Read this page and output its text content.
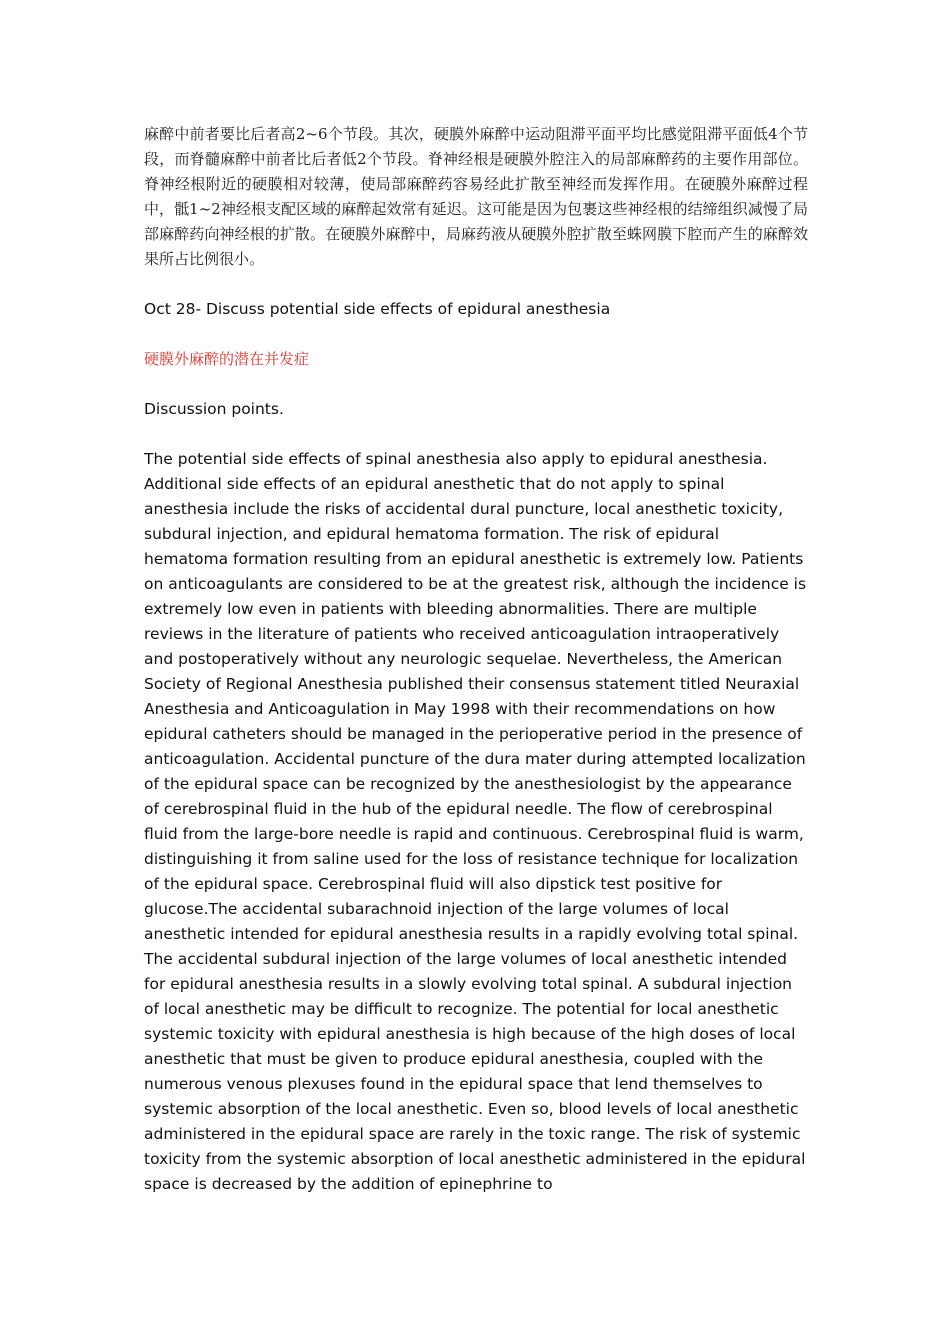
麻醉中前者要比后者高2~6个节段。其次，硬膜外麻醉中运动阻滞平面平均比感觉阻滞平面低4个节段，而脊髓麻醉中前者比后者低2个节段。脊神经根是硬膜外腔注入的局部麻醉药的主要作用部位。脊神经根附近的硬膜相对较薄，使局部麻醉药容易经此扩散至神经而发挥作用。在硬膜外麻醉过程中，骶1~2神经根支配区域的麻醉起效常有延迟。这可能是因为包裹这些神经根的结缔组织减慢了局部麻醉药向神经根的扩散。在硬膜外麻醉中，局麻药液从硬膜外腔扩散至蛛网膜下腔而产生的麻醉效果所占比例很小。

Oct 28- Discuss potential side effects of epidural anesthesia

硬膜外麻醉的潜在并发症

Discussion points.

The potential side effects of spinal anesthesia also apply to epidural anesthesia. Additional side effects of an epidural anesthetic that do not apply to spinal anesthesia include the risks of accidental dural puncture, local anesthetic toxicity, subdural injection, and epidural hematoma formation. The risk of epidural hematoma formation resulting from an epidural anesthetic is extremely low. Patients on anticoagulants are considered to be at the greatest risk, although the incidence is extremely low even in patients with bleeding abnormalities. There are multiple reviews in the literature of patients who received anticoagulation intraoperatively and postoperatively without any neurologic sequelae. Nevertheless, the American Society of Regional Anesthesia published their consensus statement titled Neuraxial Anesthesia and Anticoagulation in May 1998 with their recommendations on how epidural catheters should be managed in the perioperative period in the presence of anticoagulation. Accidental puncture of the dura mater during attempted localization of the epidural space can be recognized by the anesthesiologist by the appearance of cerebrospinal fluid in the hub of the epidural needle. The flow of cerebrospinal fluid from the large-bore needle is rapid and continuous. Cerebrospinal fluid is warm, distinguishing it from saline used for the loss of resistance technique for localization of the epidural space. Cerebrospinal fluid will also dipstick test positive for glucose.The accidental subarachnoid injection of the large volumes of local anesthetic intended for epidural anesthesia results in a rapidly evolving total spinal. The accidental subdural injection of the large volumes of local anesthetic intended for epidural anesthesia results in a slowly evolving total spinal. A subdural injection of local anesthetic may be difficult to recognize. The potential for local anesthetic systemic toxicity with epidural anesthesia is high because of the high doses of local anesthetic that must be given to produce epidural anesthesia, coupled with the numerous venous plexuses found in the epidural space that lend themselves to systemic absorption of the local anesthetic. Even so, blood levels of local anesthetic administered in the epidural space are rarely in the toxic range. The risk of systemic toxicity from the systemic absorption of local anesthetic administered in the epidural space is decreased by the addition of epinephrine to
